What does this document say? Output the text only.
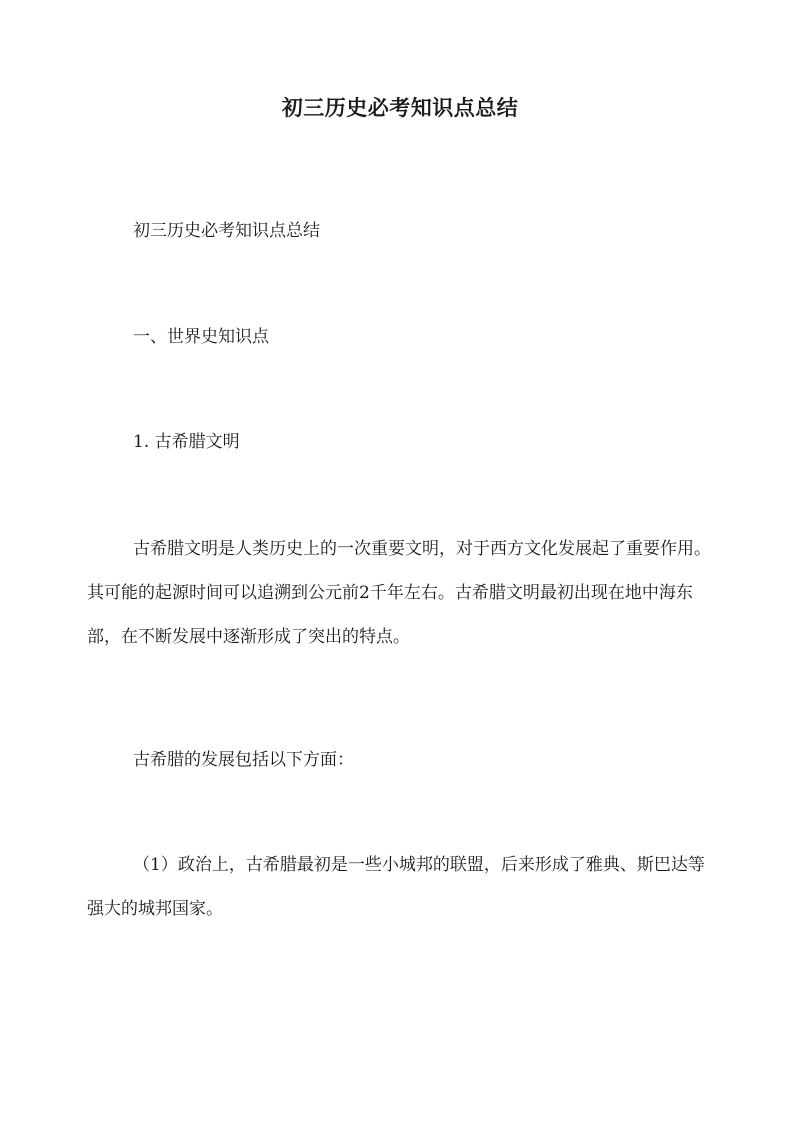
初三历史必考知识点总结

初三历史必考知识点总结

一、世界史知识点

1. 古希腊文明

古希腊文明是人类历史上的一次重要文明，对于西方文化发展起了重要作用。其可能的起源时间可以追溯到公元前2千年左右。古希腊文明最初出现在地中海东部，在不断发展中逐渐形成了突出的特点。

古希腊的发展包括以下方面：

（1）政治上，古希腊最初是一些小城邦的联盟，后来形成了雅典、斯巴达等强大的城邦国家。
